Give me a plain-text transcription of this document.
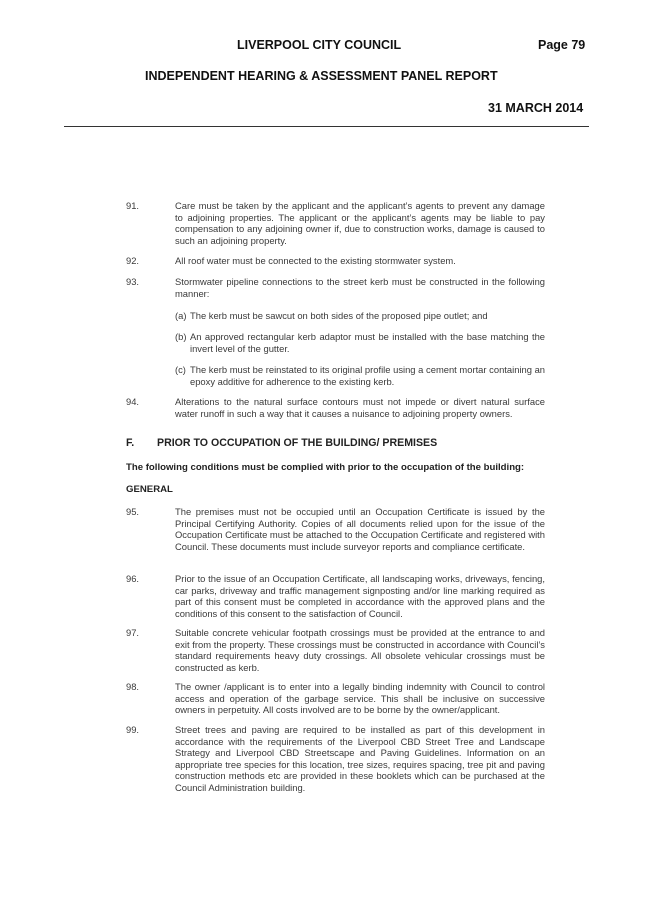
LIVERPOOL CITY COUNCIL	Page 79
INDEPENDENT HEARING & ASSESSMENT PANEL REPORT
31 MARCH 2014
91.	Care must be taken by the applicant and the applicant’s agents to prevent any damage to adjoining properties. The applicant or the applicant’s agents may be liable to pay compensation to any adjoining owner if, due to construction works, damage is caused to such an adjoining property.
92.	All roof water must be connected to the existing stormwater system.
93.	Stormwater pipeline connections to the street kerb must be constructed in the following manner:
(a) The kerb must be sawcut on both sides of the proposed pipe outlet; and
(b) An approved rectangular kerb adaptor must be installed with the base matching the invert level of the gutter.
(c) The kerb must be reinstated to its original profile using a cement mortar containing an epoxy additive for adherence to the existing kerb.
94.	Alterations to the natural surface contours must not impede or divert natural surface water runoff in such a way that it causes a nuisance to adjoining property owners.
F. PRIOR TO OCCUPATION OF THE BUILDING/ PREMISES
The following conditions must be complied with prior to the occupation of the building:
GENERAL
95.	The premises must not be occupied until an Occupation Certificate is issued by the Principal Certifying Authority. Copies of all documents relied upon for the issue of the Occupation Certificate must be attached to the Occupation Certificate and registered with Council. These documents must include surveyor reports and compliance certificate.
96.	Prior to the issue of an Occupation Certificate, all landscaping works, driveways, fencing, car parks, driveway and traffic management signposting and/or line marking required as part of this consent must be completed in accordance with the approved plans and the conditions of this consent to the satisfaction of Council.
97.	Suitable concrete vehicular footpath crossings must be provided at the entrance to and exit from the property. These crossings must be constructed in accordance with Council’s standard requirements heavy duty crossings. All obsolete vehicular crossings must be constructed as kerb.
98.	The owner /applicant is to enter into a legally binding indemnity with Council to control access and operation of the garbage service. This shall be inclusive on successive owners in perpetuity. All costs involved are to be borne by the owner/applicant.
99.	Street trees and paving are required to be installed as part of this development in accordance with the requirements of the Liverpool CBD Street Tree and Landscape Strategy and Liverpool CBD Streetscape and Paving Guidelines. Information on an appropriate tree species for this location, tree sizes, requires spacing, tree pit and paving construction methods etc are provided in these booklets which can be purchased at the Council Administration building.
